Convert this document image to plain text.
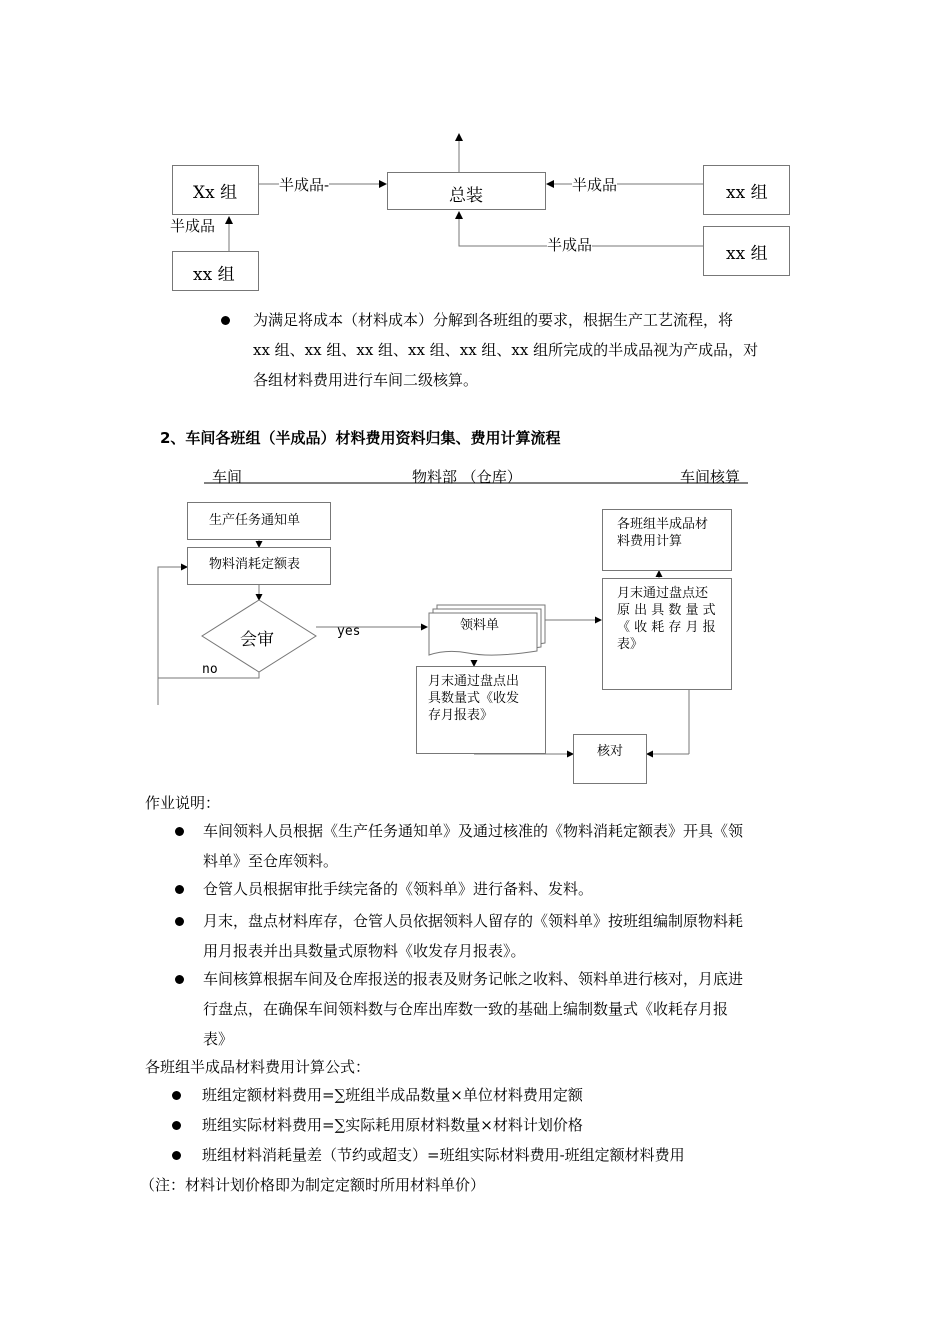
Xx 组	总装	xx 组
xx 组
xx 组
半成品-
半成品
半成品
半成品
为满足将成本（材料成本）分解到各班组的要求，根据生产工艺流程，将
xx 组、xx 组、xx 组、xx 组、xx 组、xx 组所完成的半成品视为产成品，对
各组材料费用进行车间二级核算。
2、车间各班组（半成品）材料费用资料归集、费用计算流程
车间	物料部 （仓库）	车间核算
生产任务通知单
物料消耗定额表
会审	yes
no
领料单
月末通过盘点出
具数量式《收发
存月报表》
各班组半成品材
料费用计算
月末通过盘点还
原 出 具 数 量 式
《 收 耗 存 月 报
表》
核对
作业说明：
车间领料人员根据《生产任务通知单》及通过核准的《物料消耗定额表》开具《领
料单》至仓库领料。
仓管人员根据审批手续完备的《领料单》进行备料、发料。
月末，盘点材料库存，仓管人员依据领料人留存的《领料单》按班组编制原物料耗
用月报表并出具数量式原物料《收发存月报表》。
车间核算根据车间及仓库报送的报表及财务记帐之收料、领料单进行核对，月底进
行盘点，在确保车间领料数与仓库出库数一致的基础上编制数量式《收耗存月报
表》
各班组半成品材料费用计算公式：
班组定额材料费用=∑班组半成品数量×单位材料费用定额
班组实际材料费用=∑实际耗用原材料数量×材料计划价格
班组材料消耗量差（节约或超支）=班组实际材料费用-班组定额材料费用
（注：材料计划价格即为制定定额时所用材料单价）
